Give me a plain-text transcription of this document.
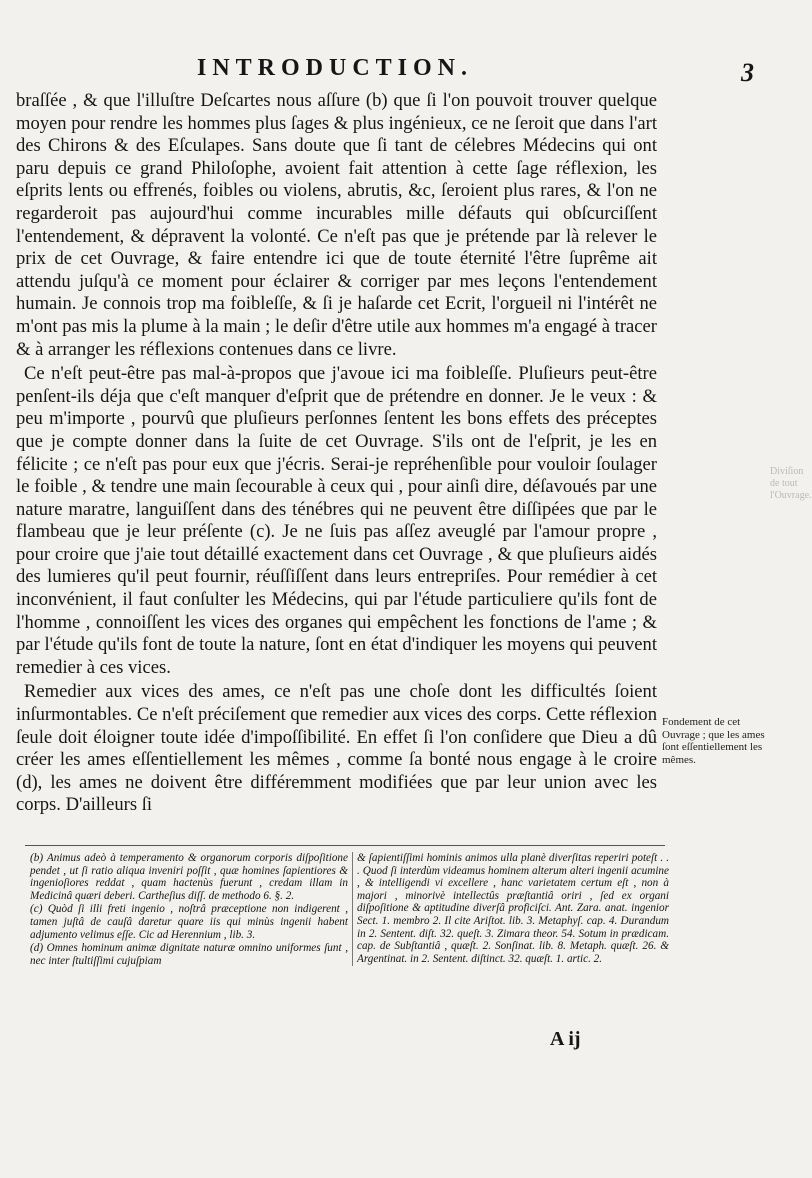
INTRODUCTION.	3

braſſée , & que l'illuſtre Deſcartes nous aſſure (b) que ſi l'on pouvoit trouver quelque moyen pour rendre les hommes plus ſages & plus ingénieux, ce ne ſeroit que dans l'art des Chirons & des Eſculapes. Sans doute que ſi tant de célebres Médecins qui ont paru depuis ce grand Philoſophe, avoient fait attention à cette ſage réflexion, les eſprits lents ou effrenés, foibles ou violens, abrutis, &c, ſeroient plus rares, & l'on ne regarderoit pas aujourd'hui comme incurables mille défauts qui obſcurciſſent l'entendement, & dépravent la volonté. Ce n'eſt pas que je prétende par là relever le prix de cet Ouvrage, & faire entendre ici que de toute éternité l'être ſuprême ait attendu juſqu'à ce moment pour éclairer & corriger par mes leçons l'entendement humain. Je connois trop ma foibleſſe, & ſi je haſarde cet Ecrit, l'orgueil ni l'intérêt ne m'ont pas mis la plume à la main ; le deſir d'être utile aux hommes m'a engagé à tracer & à arranger les réflexions contenues dans ce livre.

Ce n'eſt peut-être pas mal-à-propos que j'avoue ici ma foibleſſe. Pluſieurs peut-être penſent-ils déja que c'eſt manquer d'eſprit que de prétendre en donner. Je le veux : & peu m'importe , pourvû que pluſieurs perſonnes ſentent les bons effets des préceptes que je compte donner dans la ſuite de cet Ouvrage. S'ils ont de l'eſprit, je les en félicite ; ce n'eſt pas pour eux que j'écris. Serai-je repréhenſible pour vouloir ſoulager le foible , & tendre une main ſecourable à ceux qui , pour ainſi dire, déſavoués par une nature maratre, languiſſent dans des ténébres qui ne peuvent être diſſipées que par le flambeau que je leur préſente (c). Je ne ſuis pas aſſez aveuglé par l'amour propre , pour croire que j'aie tout détaillé exactement dans cet Ouvrage , & que pluſieurs aidés des lumieres qu'il peut fournir, réuſſiſſent dans leurs entrepriſes. Pour remédier à cet inconvénient, il faut conſulter les Médecins, qui par l'étude particuliere qu'ils font de l'homme , connoiſſent les vices des organes qui empêchent les fonctions de l'ame ; & par l'étude qu'ils font de toute la nature, ſont en état d'indiquer les moyens qui peuvent remedier à ces vices.

Remedier aux vices des ames, ce n'eſt pas une choſe dont les difficultés ſoient inſurmontables. Ce n'eſt préciſement que remedier aux vices des corps. Cette réflexion ſeule doit éloigner toute idée d'impoſſibilité. En effet ſi l'on conſidere que Dieu a dû créer les ames eſſentiellement les mêmes , comme ſa bonté nous engage à le croire (d), les ames ne doivent être différemment modifiées que par leur union avec les corps. D'ailleurs ſi

Diviſion de tout l'Ouvrage.
Fondement de cet Ouvrage ; que les ames ſont eſſentiellement les mêmes.

(b) Animus adeò à temperamento & organorum corporis diſpoſitione pendet , ut ſi ratio aliqua inveniri poſſit , quæ homines ſapientiores & ingenioſiores reddat , quam hactenùs fuerunt , credam illam in Medicinâ quæri deberi. Cartheſius diſſ. de methodo 6. §. 2.

(c) Quòd ſi illi freti ingenio , noſtrâ præceptione non indigerent , tamen juſtâ de cauſâ daretur quare iis qui minùs ingenii habent adjumento velimus eſſe. Cic ad Herennium , lib. 3.

(d) Omnes hominum animæ dignitate naturæ omnino uniformes ſunt , nec inter ſtultiſſimi cujuſpiam

& ſapientiſſimi hominis animos ulla planè diverſitas reperiri poteſt . . . Quod ſi interdùm videamus hominem alterum alteri ingenii acumine , & intelligendi vi excellere , hanc varietatem certum eſt , non à majori , minorivè intellectûs præſtantiâ oriri , ſed ex organi diſpoſitione & aptitudine diverſâ proficiſci. Ant. Zara. anat. ingenior Sect. 1. membro 2. Il cite Ariſtot. lib. 3. Metaphyſ. cap. 4. Durandum in 2. Sentent. diſt. 32. queſt. 3. Zimara theor. 54. Sotum in prædicam. cap. de Subſtantiâ , quæſt. 2. Sonſinat. lib. 8. Metaph. quæſt. 26. & Argentinat. in 2. Sentent. diſtinct. 32. quæſt. 1. artic. 2.

A ij
